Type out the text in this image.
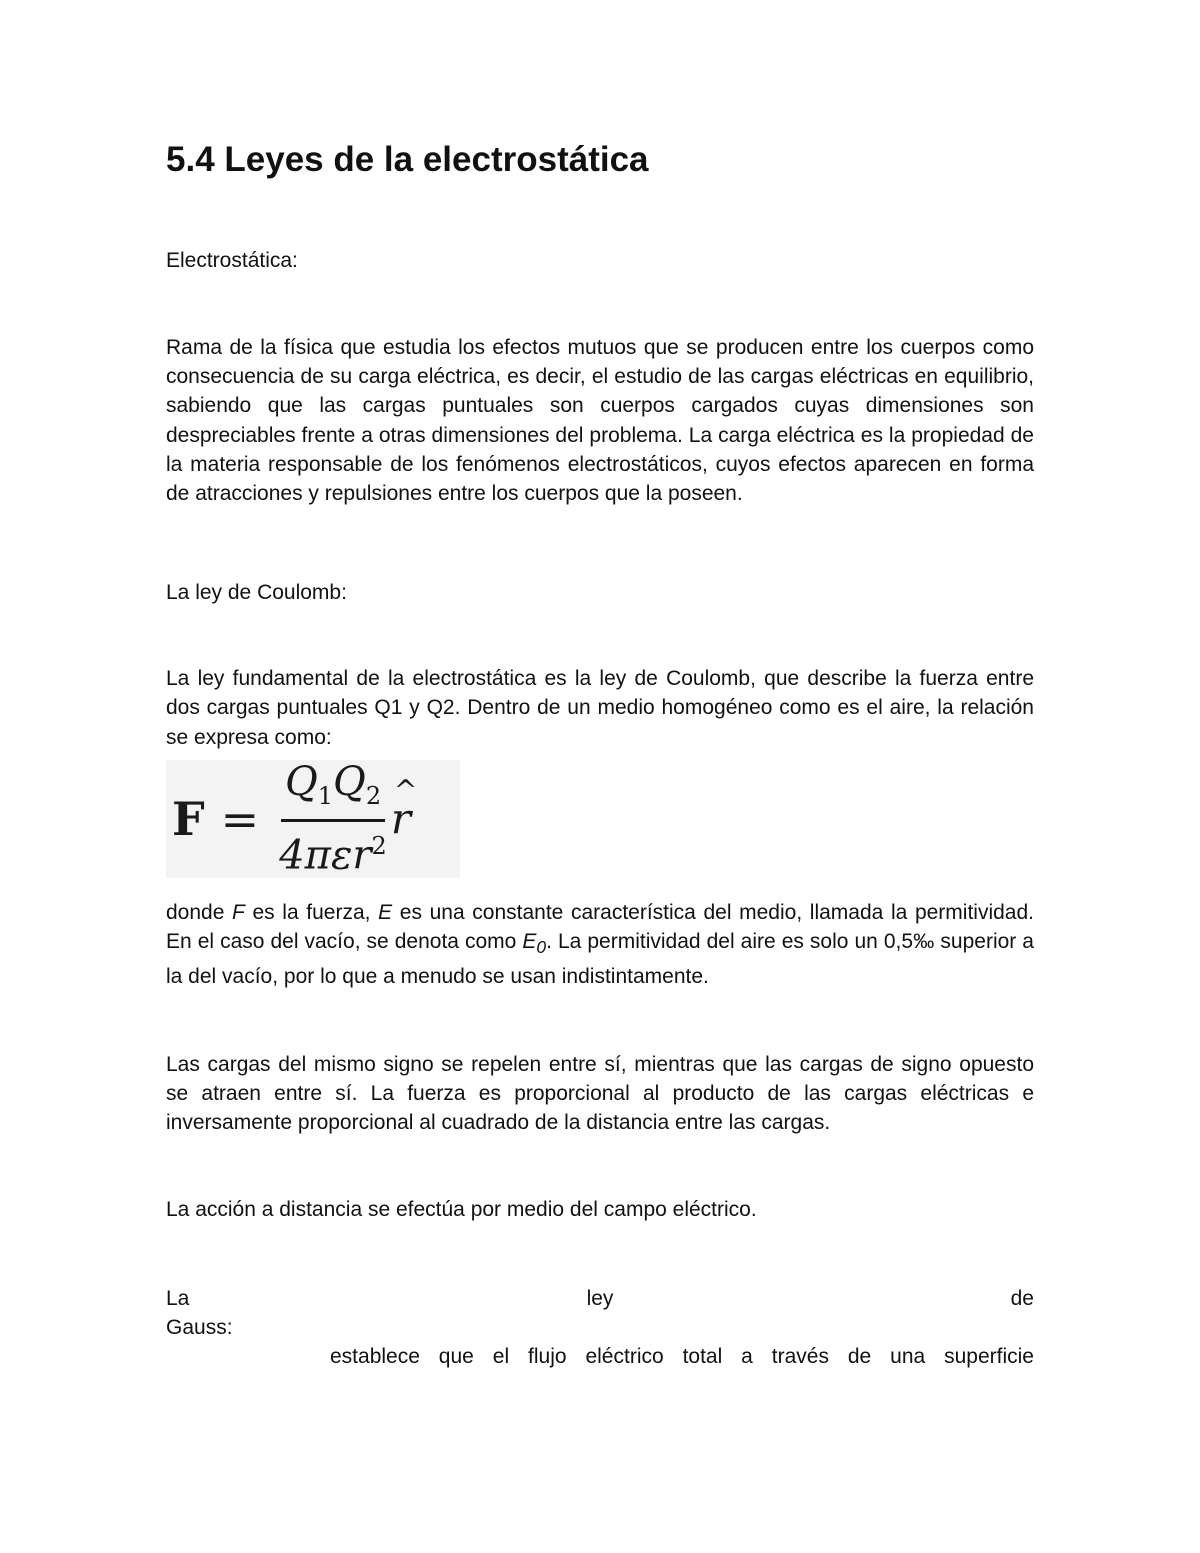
5.4 Leyes de la electrostática

Electrostática:

Rama de la física que estudia los efectos mutuos que se producen entre los cuerpos como consecuencia de su carga eléctrica, es decir, el estudio de las cargas eléctricas en equilibrio, sabiendo que las cargas puntuales son cuerpos cargados cuyas dimensiones son despreciables frente a otras dimensiones del problema. La carga eléctrica es la propiedad de la materia responsable de los fenómenos electrostáticos, cuyos efectos aparecen en forma de atracciones y repulsiones entre los cuerpos que la poseen.

La ley de Coulomb:

La ley fundamental de la electrostática es la ley de Coulomb, que describe la fuerza entre dos cargas puntuales Q1 y Q2. Dentro de un medio homogéneo como es el aire, la relación se expresa como:

$F = \frac{Q_1Q_2}{4\pi\varepsilon r^2}$
^ r

donde F es la fuerza, E es una constante característica del medio, llamada la permitividad. En el caso del vacío, se denota como $E_0$. La permitividad del aire es solo un 0,5‰ superior a la del vacío, por lo que a menudo se usan indistintamente.

Las cargas del mismo signo se repelen entre sí, mientras que las cargas de signo opuesto se atraen entre sí. La fuerza es proporcional al producto de las cargas eléctricas e inversamente proporcional al cuadrado de la distancia entre las cargas.

La acción a distancia se efectúa por medio del campo eléctrico.

La	ley	de

Gauss:

establece que el flujo eléctrico total a través de una superficie
